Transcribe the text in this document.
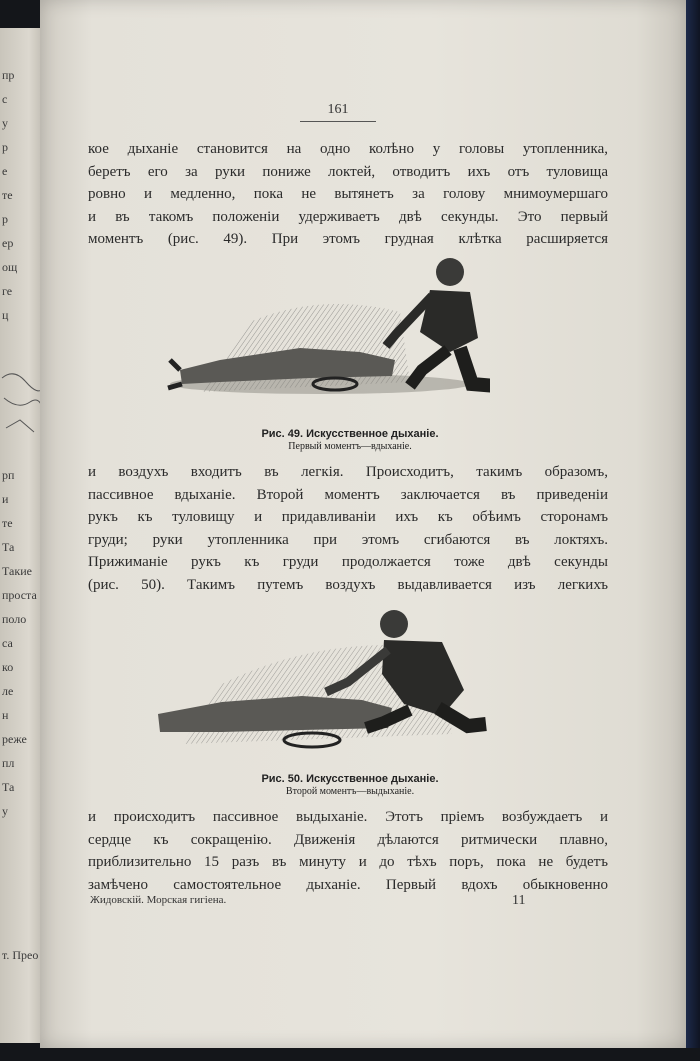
пр
с
у
р
е
те
р
ер
ощ
ге
ц
рп
и
те
Та
Такие
проста
поло
са
ко
ле
н
реже
пл
Та
у
т. Прео
161
кое дыханіе становится на одно колѣно у головы утопленника,
беретъ его за руки пониже локтей, отводитъ ихъ отъ туловища
ровно и медленно, пока не вытянетъ за голову мнимоумершаго
и въ такомъ положеніи удерживаетъ двѣ секунды. Это первый
моментъ (рис. 49). При этомъ грудная клѣтка расширяется
Рис. 49. Искусственное дыханіе.
Первый моментъ—вдыханіе.
и воздухъ входитъ въ легкія. Происходитъ, такимъ образомъ,
пассивное вдыханіе. Второй моментъ заключается въ приведеніи
рукъ къ туловищу и придавливаніи ихъ къ обѣимъ сторонамъ
груди; руки утопленника при этомъ сгибаются въ локтяхъ.
Прижиманіе рукъ къ груди продолжается тоже двѣ секунды
(рис. 50). Такимъ путемъ воздухъ выдавливается изъ легкихъ
Рис. 50. Искусственное дыханіе.
Второй моментъ—выдыханіе.
и происходитъ пассивное выдыханіе. Этотъ пріемъ возбуждаетъ и
сердце къ сокращенію. Движенія дѣлаются ритмически плавно,
приблизительно 15 разъ въ минуту и до тѣхъ поръ, пока не будетъ
замѣчено самостоятельное дыханіе. Первый вдохъ обыкновенно
Жидовскій. Морская гигіена.	11
